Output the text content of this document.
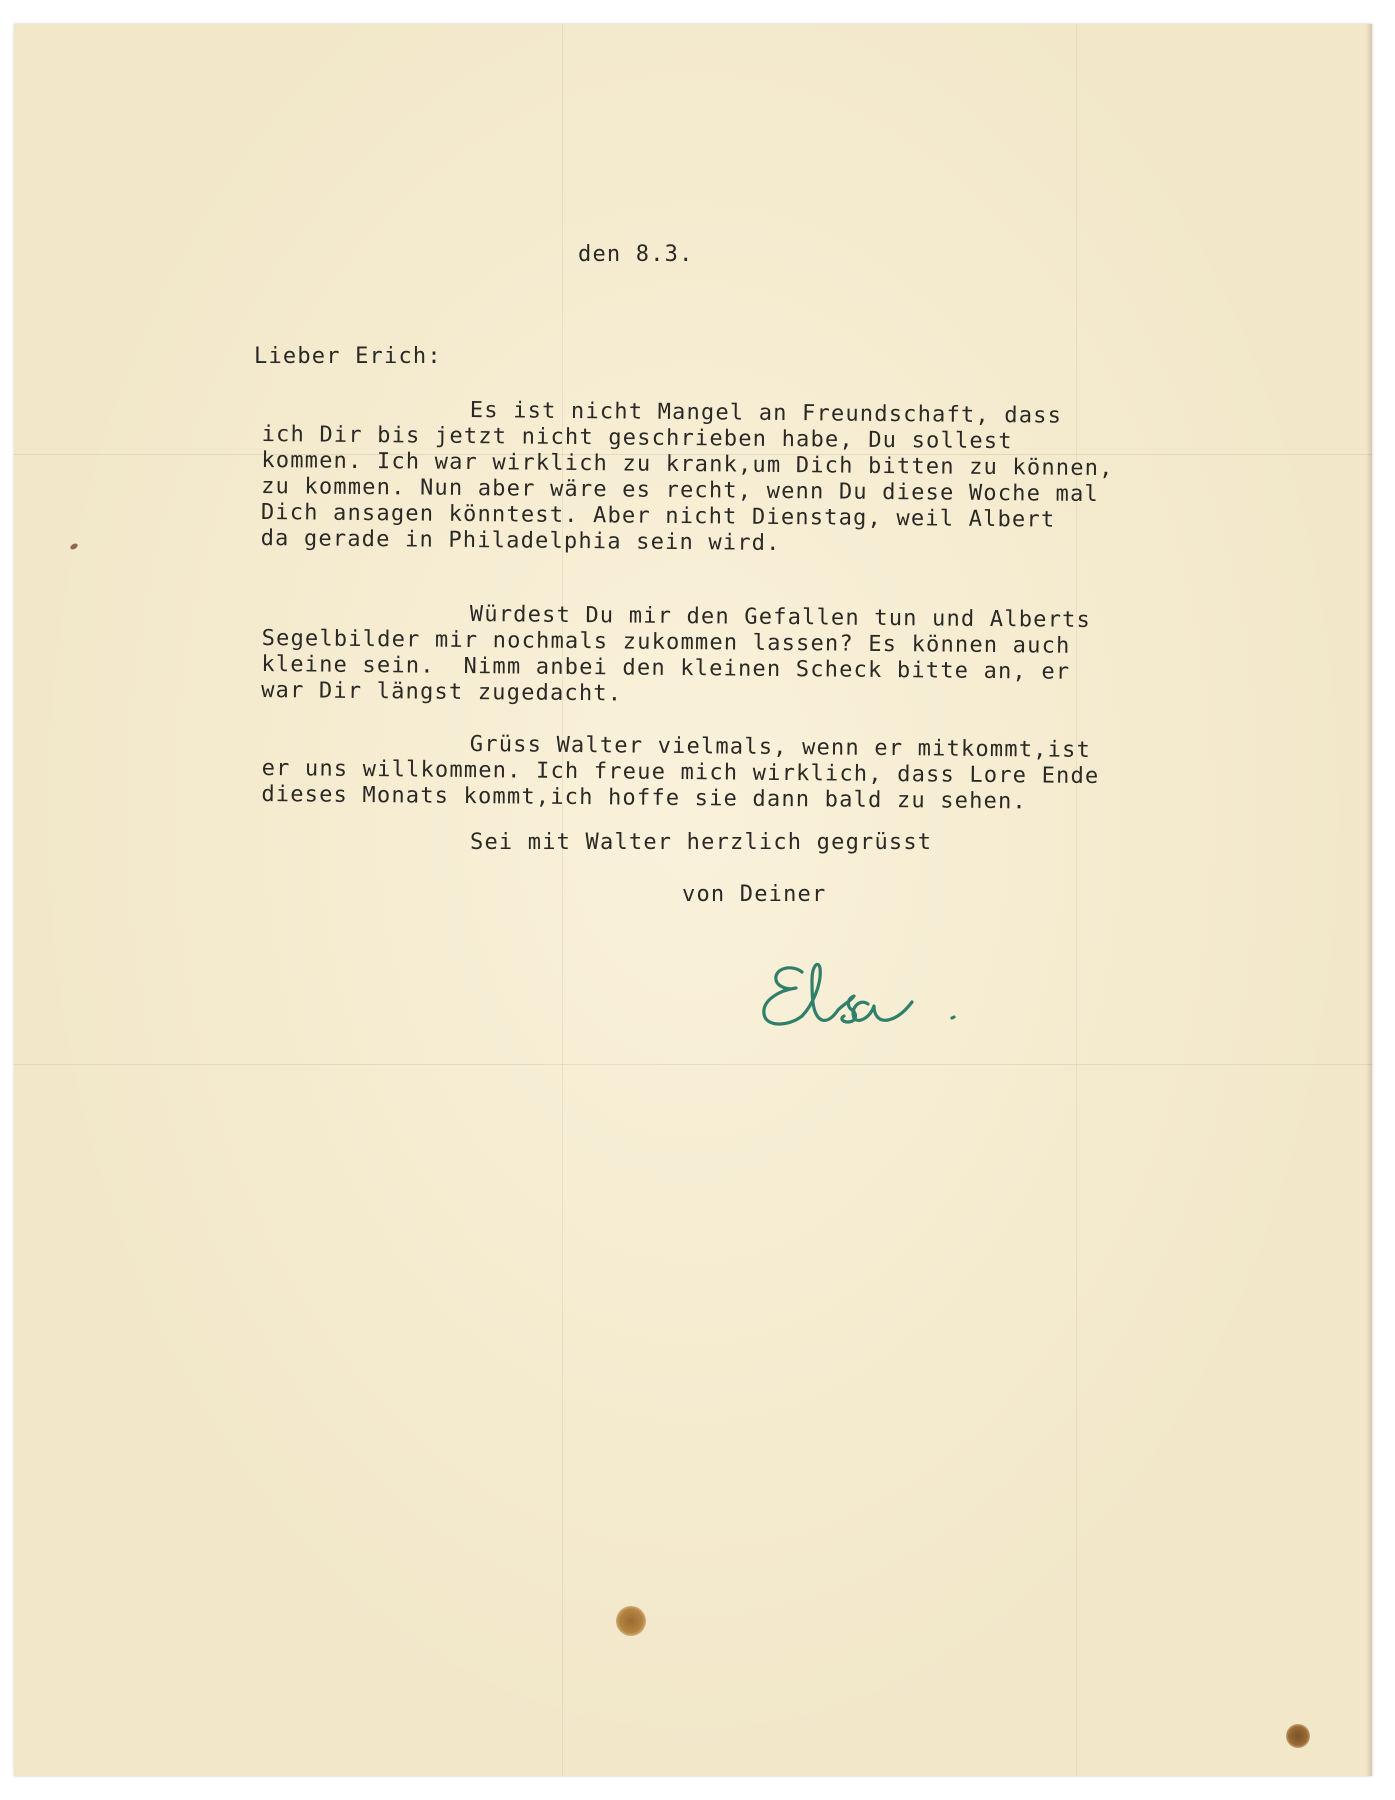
den 8.3.

Lieber Erich:

Es ist nicht Mangel an Freundschaft, dass
ich Dir bis jetzt nicht geschrieben habe, Du sollest
kommen. Ich war wirklich zu krank,um Dich bitten zu können,
zu kommen. Nun aber wäre es recht, wenn Du diese Woche mal
Dich ansagen könntest. Aber nicht Dienstag, weil Albert
da gerade in Philadelphia sein wird.
Würdest Du mir den Gefallen tun und Alberts
Segelbilder mir nochmals zukommen lassen? Es können auch
kleine sein.  Nimm anbei den kleinen Scheck bitte an, er
war Dir längst zugedacht.
Grüss Walter vielmals, wenn er mitkommt,ist
er uns willkommen. Ich freue mich wirklich, dass Lore Ende
dieses Monats kommt,ich hoffe sie dann bald zu sehen.

Sei mit Walter herzlich gegrüsst

von Deiner
